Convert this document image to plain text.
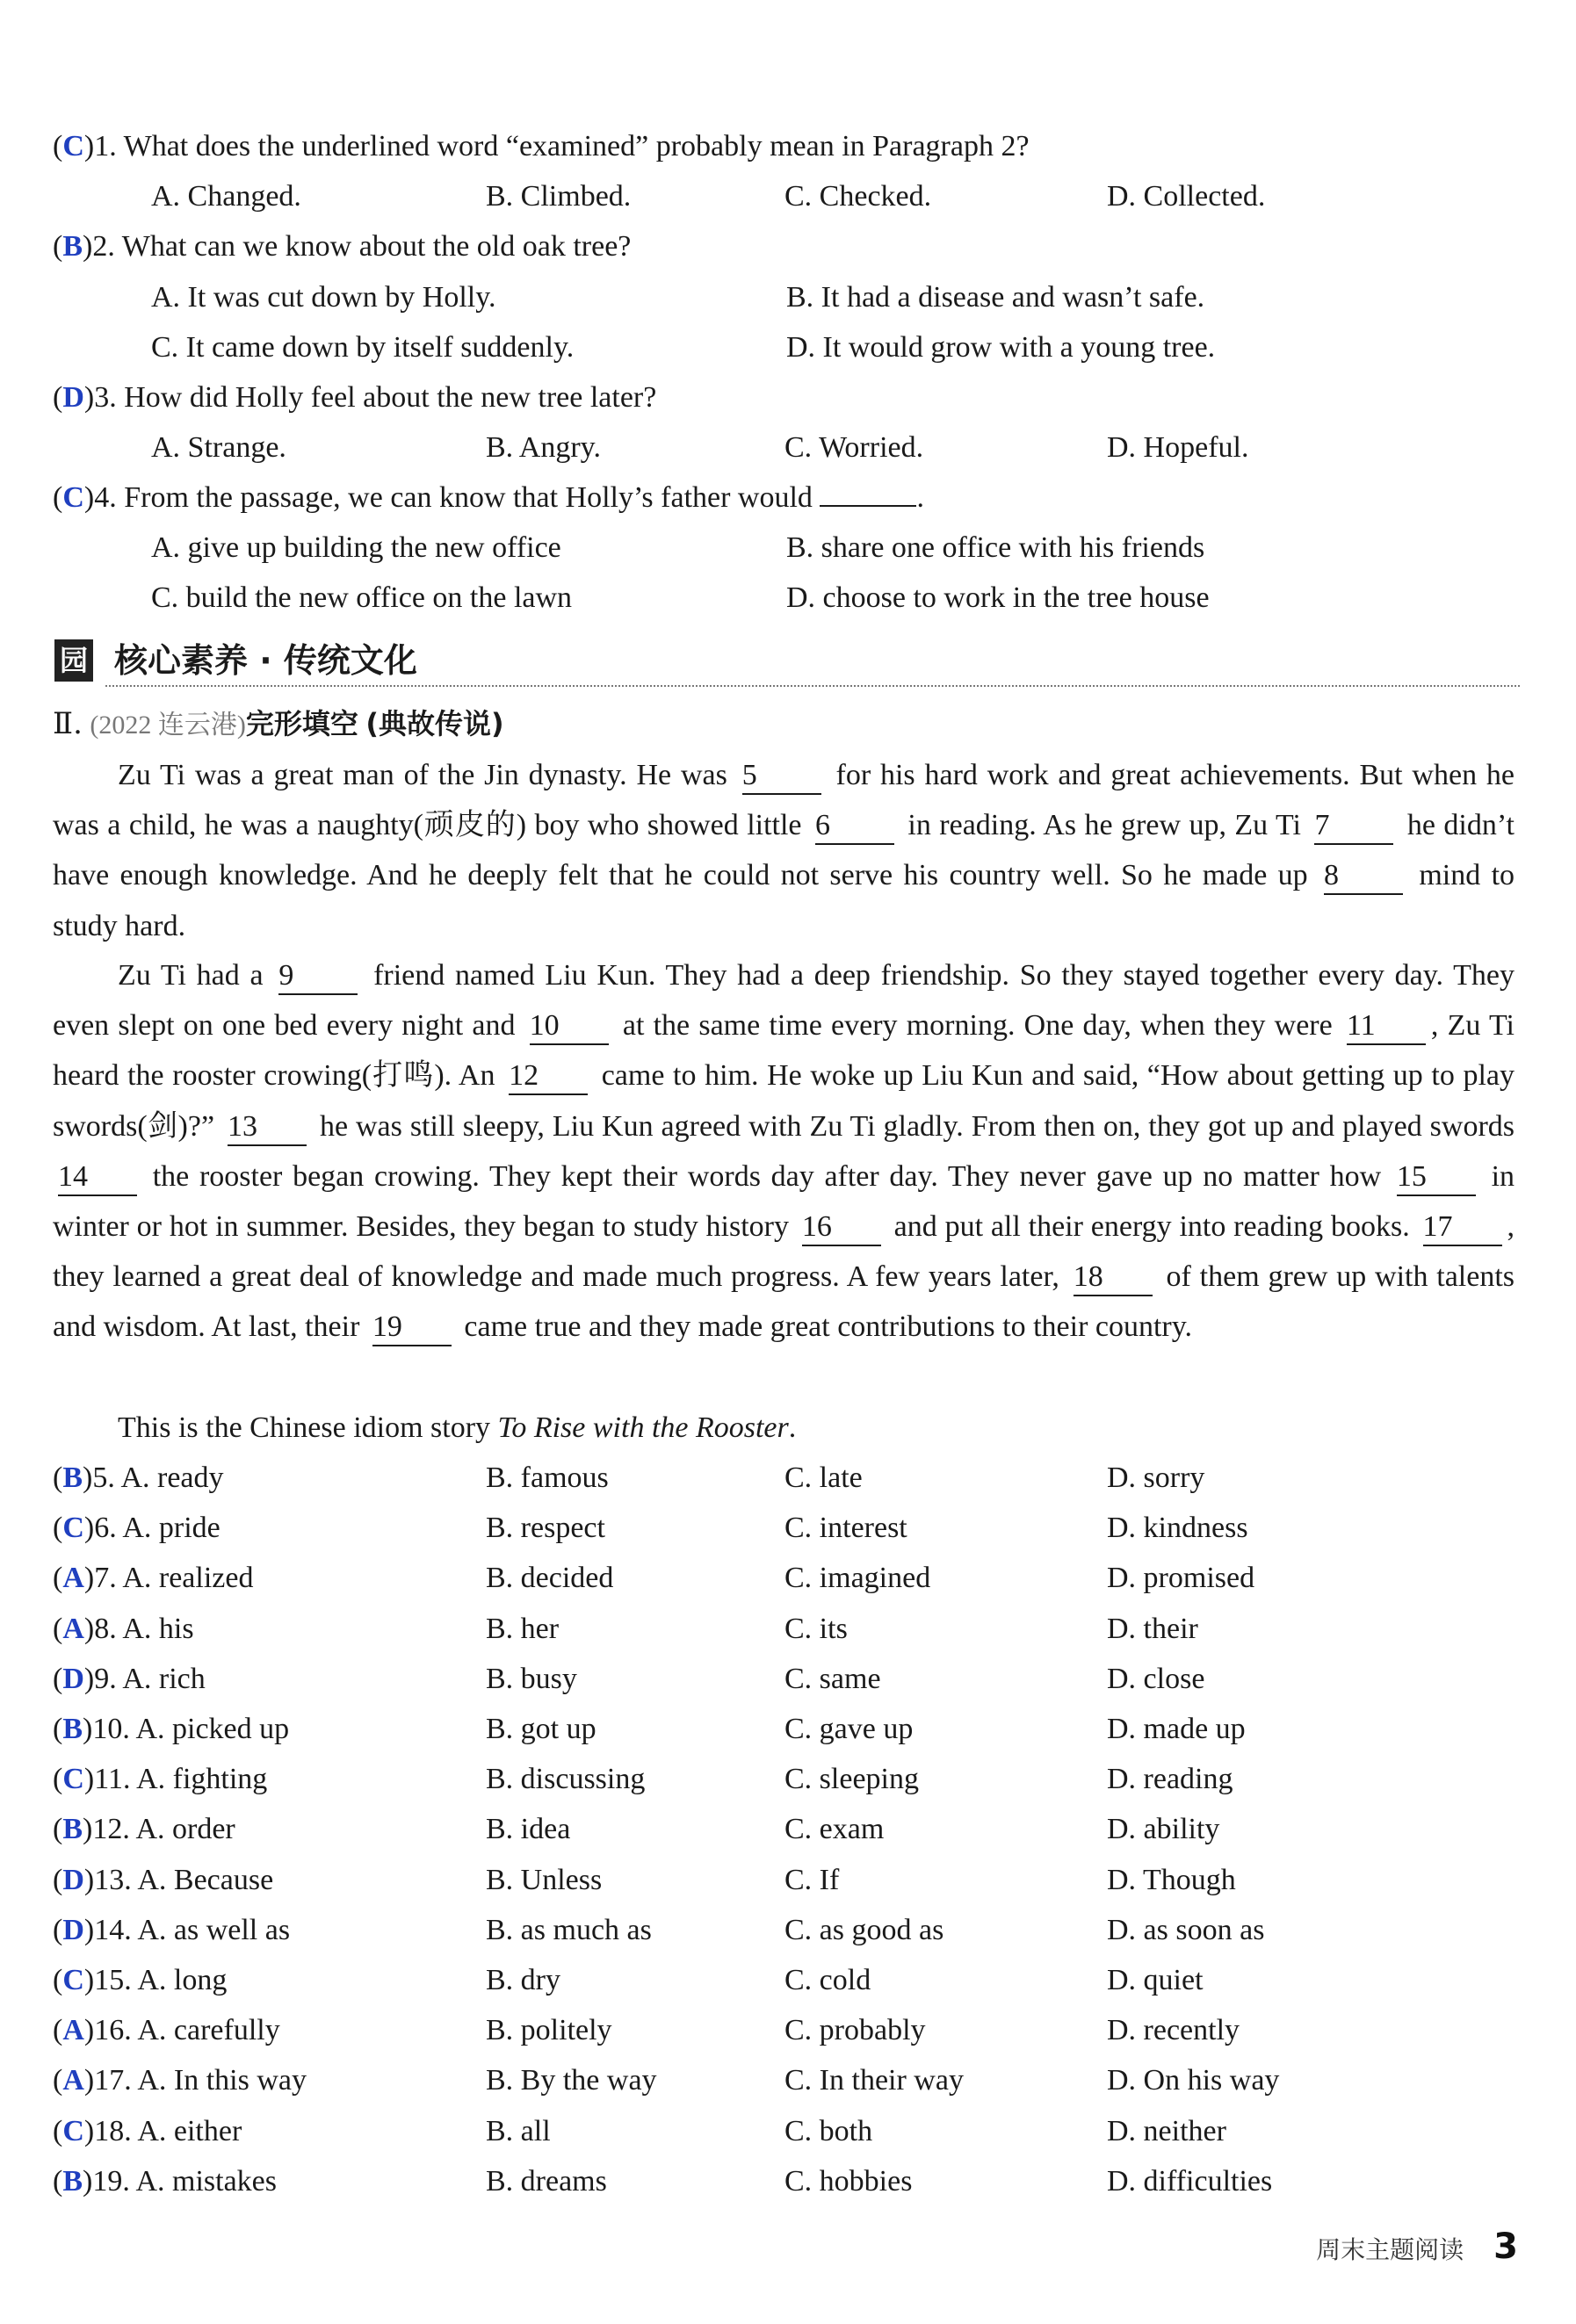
(C)1. What does the underlined word “examined” probably mean in Paragraph 2?
A. Changed.	B. Climbed.	C. Checked.	D. Collected.
(B)2. What can we know about the old oak tree?
A. It was cut down by Holly.	B. It had a disease and wasn’t safe.
C. It came down by itself suddenly.	D. It would grow with a young tree.
(D)3. How did Holly feel about the new tree later?
A. Strange.	B. Angry.	C. Worried.	D. Hopeful.
(C)4. From the passage, we can know that Holly’s father would	.
A. give up building the new office	B. share one office with his friends
C. build the new office on the lawn	D. choose to work in the tree house
园 核心素养 · 传统文化
Ⅱ. (2022 连云港)完形填空 (典故传说)
Zu Ti was a great man of the Jin dynasty. He was 5	for his hard work and great achievements. But when he was a child, he was a naughty(顽皮的) boy who showed little 6	in reading. As he grew up, Zu Ti 7	he didn’t have enough knowledge. And he deeply felt that he could not serve his country well. So he made up 8	mind to study hard.
Zu Ti had a 9	friend named Liu Kun. They had a deep friendship. So they stayed together every day. They even slept on one bed every night and 10 at the same time every morning. One day, when they were 11 , Zu Ti heard the rooster crowing(打鸣). An 12 came to him. He woke up Liu Kun and said, “How about getting up to play swords(剑)?” 13 he was still sleepy, Liu Kun agreed with Zu Ti gladly. From then on, they got up and played swords 14 the rooster began crowing. They kept their words day after day. They never gave up no matter how 15 in winter or hot in summer. Besides, they began to study history 16 and put all their energy into reading books. 17 , they learned a great deal of knowledge and made much progress. A few years later, 18 of them grew up with talents and wisdom. At last, their 19 came true and they made great contributions to their country.
This is the Chinese idiom story To Rise with the Rooster.
(B)5. A. ready	B. famous	C. late	D. sorry
(C)6. A. pride	B. respect	C. interest	D. kindness
(A)7. A. realized	B. decided	C. imagined	D. promised
(A)8. A. his	B. her	C. its	D. their
(D)9. A. rich	B. busy	C. same	D. close
(B)10. A. picked up	B. got up	C. gave up	D. made up
(C)11. A. fighting	B. discussing	C. sleeping	D. reading
(B)12. A. order	B. idea	C. exam	D. ability
(D)13. A. Because	B. Unless	C. If	D. Though
(D)14. A. as well as	B. as much as	C. as good as	D. as soon as
(C)15. A. long	B. dry	C. cold	D. quiet
(A)16. A. carefully	B. politely	C. probably	D. recently
(A)17. A. In this way	B. By the way	C. In their way	D. On his way
(C)18. A. either	B. all	C. both	D. neither
(B)19. A. mistakes	B. dreams	C. hobbies	D. difficulties
周末主题阅读 3
